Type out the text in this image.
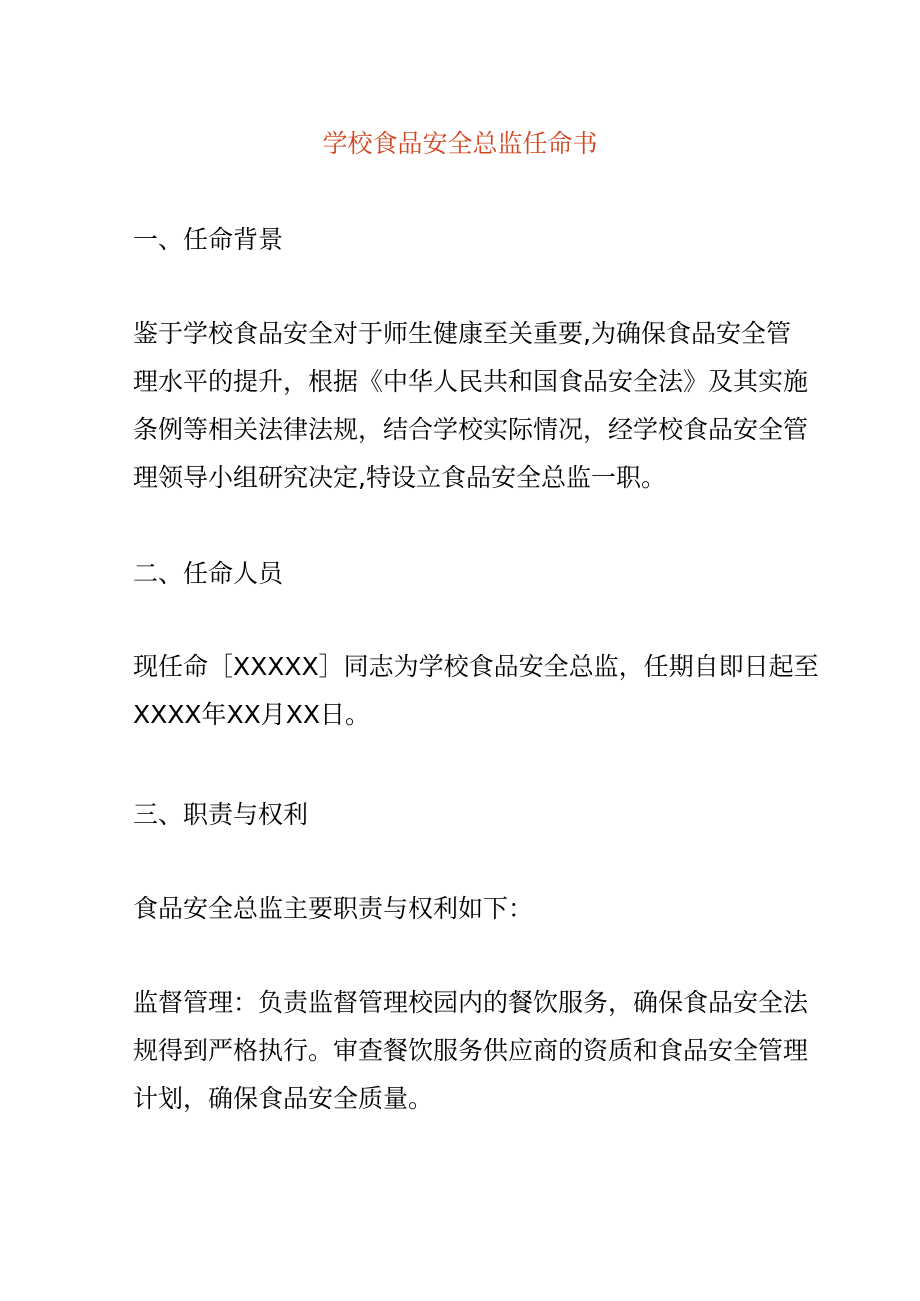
学校食品安全总监任命书
一、任命背景
鉴于学校食品安全对于师生健康至关重要,为确保食品安全管
理水平的提升，根据《中华人民共和国食品安全法》及其实施
条例等相关法律法规，结合学校实际情况，经学校食品安全管
理领导小组研究决定,特设立食品安全总监一职。
二、任命人员
现任命［XXXXX］同志为学校食品安全总监，任期自即日起至
XXXX年XX月XX日。
三、职责与权利
食品安全总监主要职责与权利如下：
监督管理：负责监督管理校园内的餐饮服务，确保食品安全法
规得到严格执行。审查餐饮服务供应商的资质和食品安全管理
计划，确保食品安全质量。
